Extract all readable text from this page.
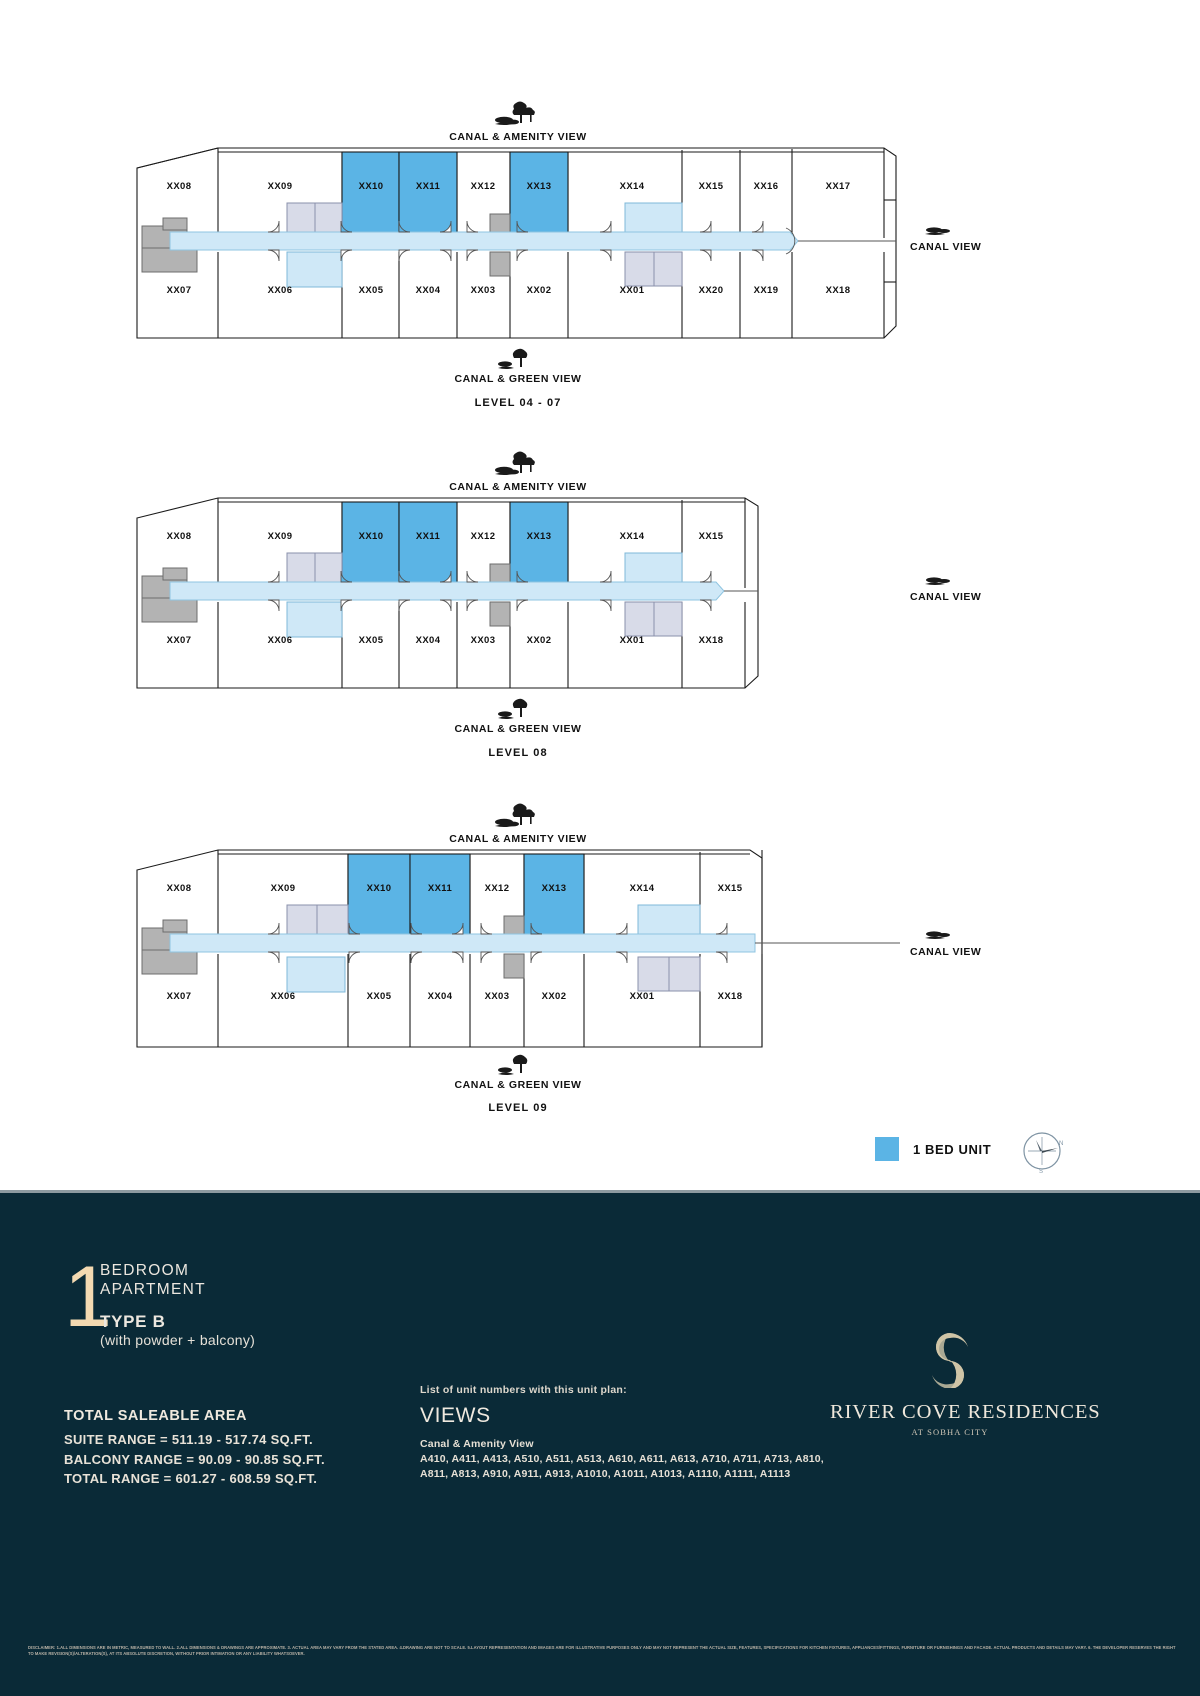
CANAL & AMENITY VIEW
XX08	XX09	XX10	XX11	XX12	XX13	XX14	XX15	XX16	XX17
XX07	XX06	XX05	XX04	XX03	XX02	XX01	XX20	XX19	XX18
CANAL VIEW
CANAL & GREEN VIEW
LEVEL 04 - 07
CANAL & AMENITY VIEW
XX08	XX09	XX10	XX11	XX12	XX13	XX14	XX15
XX07	XX06	XX05	XX04	XX03	XX02	XX01	XX18
CANAL VIEW
CANAL & GREEN VIEW
LEVEL 08
CANAL & AMENITY VIEW
XX08	XX09	XX10	XX11	XX12	XX13	XX14	XX15
XX07	XX06	XX05	XX04	XX03	XX02	XX01	XX18
CANAL VIEW
CANAL & GREEN VIEW
LEVEL 09
1 BED UNIT	N
S
1
BEDROOM
APARTMENT
TYPE B
(with powder + balcony)
TOTAL SALEABLE AREA
SUITE RANGE = 511.19 - 517.74 SQ.FT.
BALCONY RANGE = 90.09 - 90.85 SQ.FT.
TOTAL RANGE = 601.27 - 608.59 SQ.FT.
List of unit numbers with this unit plan:
VIEWS
Canal & Amenity View
A410, A411, A413, A510, A511, A513, A610, A611, A613, A710, A711, A713, A810, A811, A813, A910, A911, A913, A1010, A1011, A1013, A1110, A1111, A1113
RIVER COVE RESIDENCES
AT SOBHA CITY
DISCLAIMER: 1.ALL DIMENSIONS ARE IN METRIC, MEASURED TO WALL. 2.ALL DIMENSIONS & DRAWINGS ARE APPROXIMATE. 3. ACTUAL AREA MAY VARY FROM THE STATED AREA. 4.DRAWING ARE NOT TO SCALE. 5.LAYOUT REPRESENTATION AND IMAGES ARE FOR ILLUSTRATIVE PURPOSES ONLY AND MAY NOT REPRESENT THE ACTUAL SIZE, FEATURES, SPECIFICATIONS FOR KITCHEN FIXTURES, APPLIANCES/FITTINGS, FURNITURE OR FURNISHINGS AND FACADE. ACTUAL PRODUCTS AND DETAILS MAY VARY. 6. THE DEVELOPER RESERVES THE RIGHT TO MAKE REVISION(S)/ALTERATION(S), AT ITS ABSOLUTE DISCRETION, WITHOUT PRIOR INTIMATION OR ANY LIABILITY WHATSOEVER.
